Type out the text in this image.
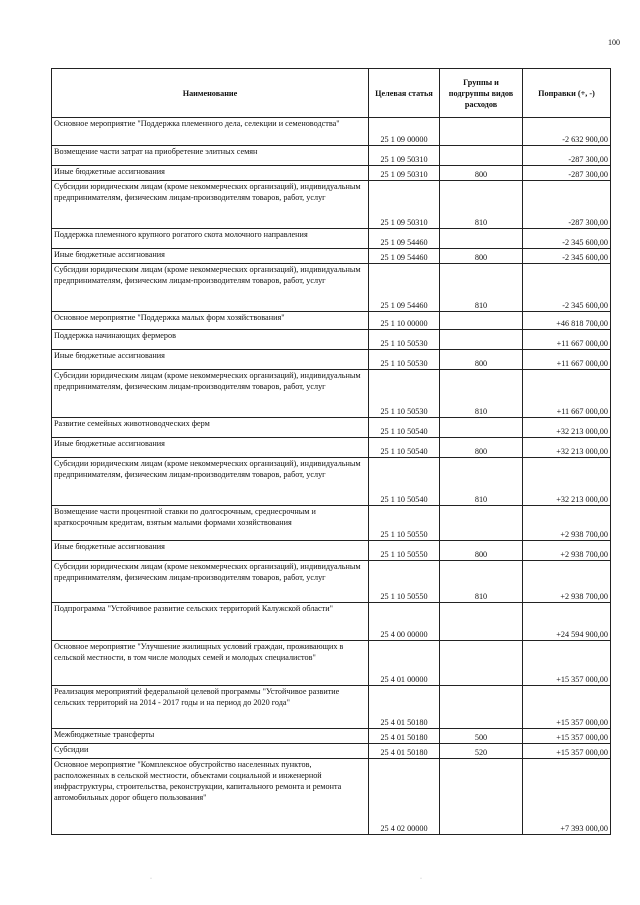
100
Наименование	Целевая статья	Группы и подгруппы видов расходов	Поправки (+, -)
Основное мероприятие "Поддержка племенного дела, селекции и семеноводства"	25 1 09 00000		-2 632 900,00
Возмещение части затрат на приобретение элитных семян	25 1 09 50310		-287 300,00
Иные бюджетные ассигнования	25 1 09 50310	800	-287 300,00
Субсидии юридическим лицам (кроме некоммерческих организаций), индивидуальным предпринимателям, физическим лицам-производителям товаров, работ, услуг	25 1 09 50310	810	-287 300,00
Поддержка племенного крупного рогатого скота молочного направления	25 1 09 54460		-2 345 600,00
Иные бюджетные ассигнования	25 1 09 54460	800	-2 345 600,00
Субсидии юридическим лицам (кроме некоммерческих организаций), индивидуальным предпринимателям, физическим лицам-производителям товаров, работ, услуг	25 1 09 54460	810	-2 345 600,00
Основное мероприятие "Поддержка малых форм хозяйствования"	25 1 10 00000		+46 818 700,00
Поддержка начинающих фермеров	25 1 10 50530		+11 667 000,00
Иные бюджетные ассигнования	25 1 10 50530	800	+11 667 000,00
Субсидии юридическим лицам (кроме некоммерческих организаций), индивидуальным предпринимателям, физическим лицам-производителям товаров, работ, услуг	25 1 10 50530	810	+11 667 000,00
Развитие семейных животноводческих ферм	25 1 10 50540		+32 213 000,00
Иные бюджетные ассигнования	25 1 10 50540	800	+32 213 000,00
Субсидии юридическим лицам (кроме некоммерческих организаций), индивидуальным предпринимателям, физическим лицам-производителям товаров, работ, услуг	25 1 10 50540	810	+32 213 000,00
Возмещение части процентной ставки по долгосрочным, среднесрочным и краткосрочным кредитам, взятым малыми формами хозяйствования	25 1 10 50550		+2 938 700,00
Иные бюджетные ассигнования	25 1 10 50550	800	+2 938 700,00
Субсидии юридическим лицам (кроме некоммерческих организаций), индивидуальным предпринимателям, физическим лицам-производителям товаров, работ, услуг	25 1 10 50550	810	+2 938 700,00
Подпрограмма "Устойчивое развитие сельских территорий Калужской области"	25 4 00 00000		+24 594 900,00
Основное мероприятие "Улучшение жилищных условий граждан, проживающих в сельской местности, в том числе молодых семей и молодых специалистов"	25 4 01 00000		+15 357 000,00
Реализация мероприятий федеральной целевой программы "Устойчивое развитие сельских территорий на 2014 - 2017 годы и на период до 2020 года"	25 4 01 50180		+15 357 000,00
Межбюджетные трансферты	25 4 01 50180	500	+15 357 000,00
Субсидии	25 4 01 50180	520	+15 357 000,00
Основное мероприятие "Комплексное обустройство населенных пунктов, расположенных в сельской местности, объектами социальной и инженерной инфраструктуры, строительства, реконструкции, капитального ремонта и ремонта автомобильных дорог общего пользования"	25 4 02 00000		+7 393 000,00
·	·
